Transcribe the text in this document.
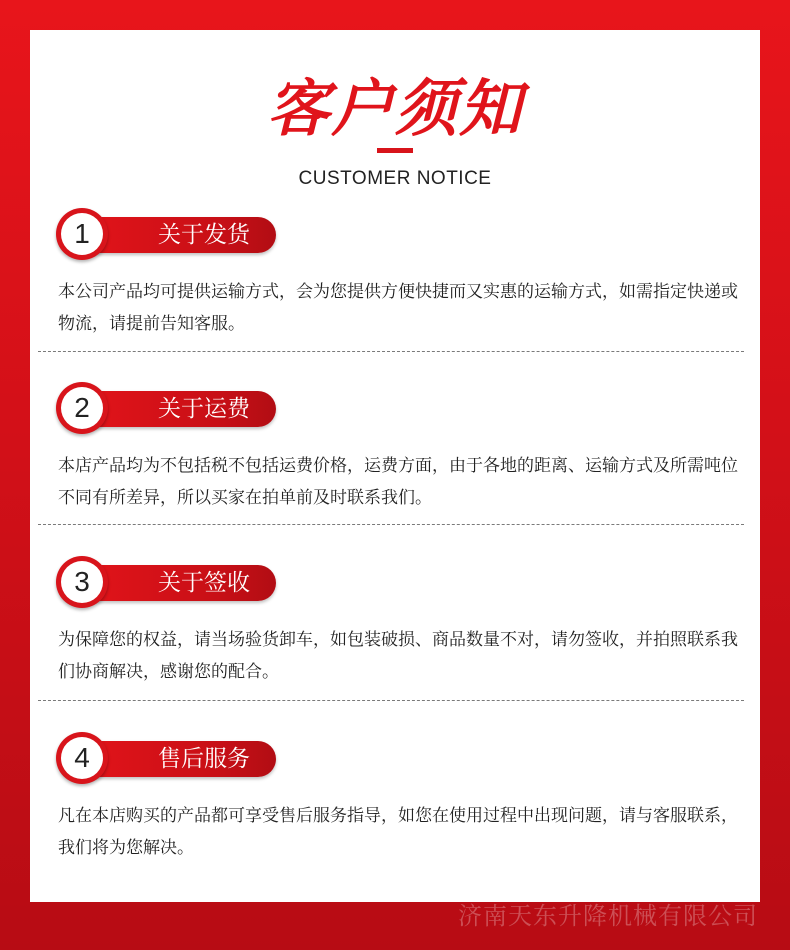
客户须知
CUSTOMER NOTICE
关于发货
1
本公司产品均可提供运输方式，会为您提供方便快捷而又实惠的运输方式，如需指定快递或物流，请提前告知客服。
关于运费
2
本店产品均为不包括税不包括运费价格，运费方面，由于各地的距离、运输方式及所需吨位不同有所差异，所以买家在拍单前及时联系我们。
关于签收
3
为保障您的权益，请当场验货卸车，如包装破损、商品数量不对，请勿签收，并拍照联系我们协商解决，感谢您的配合。
售后服务
4
凡在本店购买的产品都可享受售后服务指导，如您在使用过程中出现问题，请与客服联系，我们将为您解决。
济南天东升降机械有限公司
